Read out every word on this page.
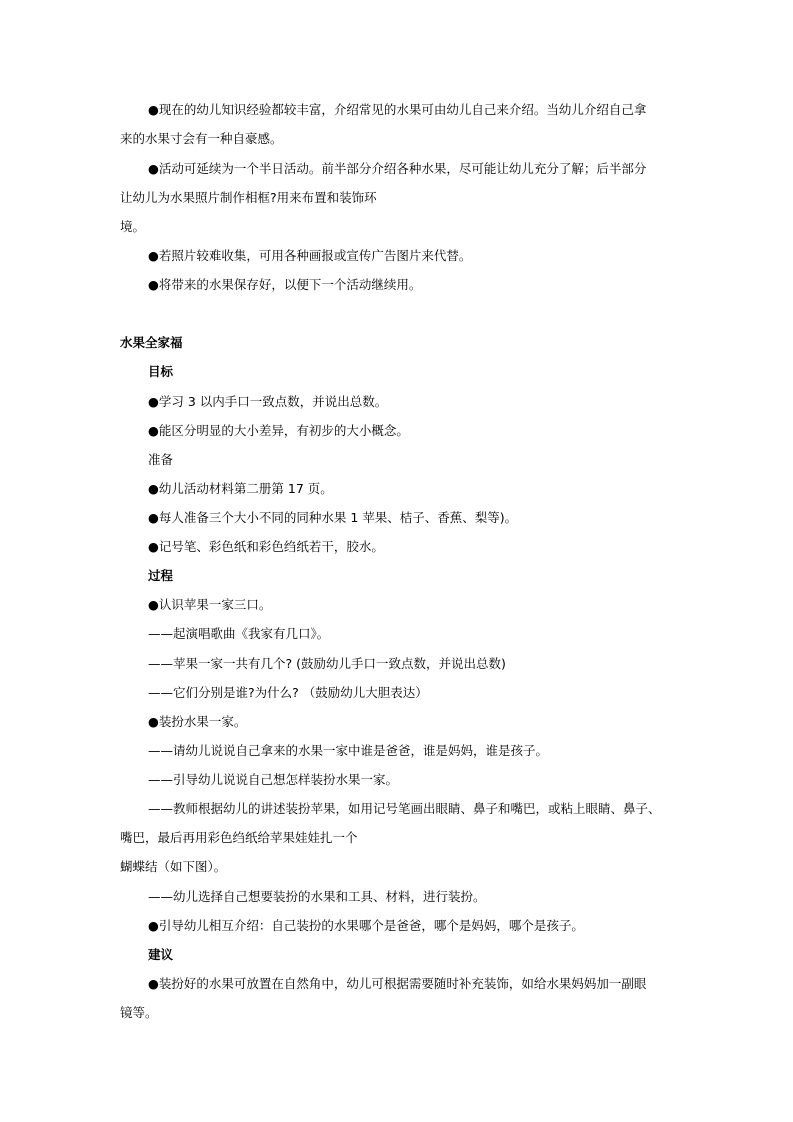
●现在的幼儿知识经验都较丰富，介绍常见的水果可由幼儿自己来介绍。当幼儿介绍自己拿
来的水果寸会有一种自豪感。
●活动可延续为一个半日活动。前半部分介绍各种水果，尽可能让幼儿充分了解；后半部分
让幼儿为水果照片制作相框?用来布置和装饰环
境。
●若照片较难收集，可用各种画报或宣传广告图片来代替。
●将带来的水果保存好，以便下一个活动继续用。
水果全家福
目标
●学习 3 以内手口一致点数，并说出总数。
●能区分明显的大小差异，有初步的大小概念。
准备
●幼儿活动材料第二册第 17 页。
●每人准备三个大小不同的同种水果 1 苹果、桔子、香蕉、梨等)。
●记号笔、彩色纸和彩色绉纸若干，胶水。
过程
●认识苹果一家三口。
——起演唱歌曲《我家有几口》。
——苹果一家一共有几个? (鼓励幼儿手口一致点数，并说出总数)
——它们分别是谁?为什么? （鼓励幼儿大胆表达）
●装扮水果一家。
——请幼儿说说自己拿来的水果一家中谁是爸爸，谁是妈妈，谁是孩子。
——引导幼儿说说自己想怎样装扮水果一家。
——教师根据幼儿的讲述装扮苹果，如用记号笔画出眼睛、鼻子和嘴巴，或粘上眼睛、鼻子、
嘴巴，最后再用彩色绉纸给苹果娃娃扎一个
蝴蝶结（如下图）。
——幼儿选择自己想要装扮的水果和工具、材料，进行装扮。
●引导幼儿相互介绍：自己装扮的水果哪个是爸爸，哪个是妈妈，哪个是孩子。
建议
●装扮好的水果可放置在自然角中，幼儿可根据需要随时补充装饰，如给水果妈妈加一副眼
镜等。
